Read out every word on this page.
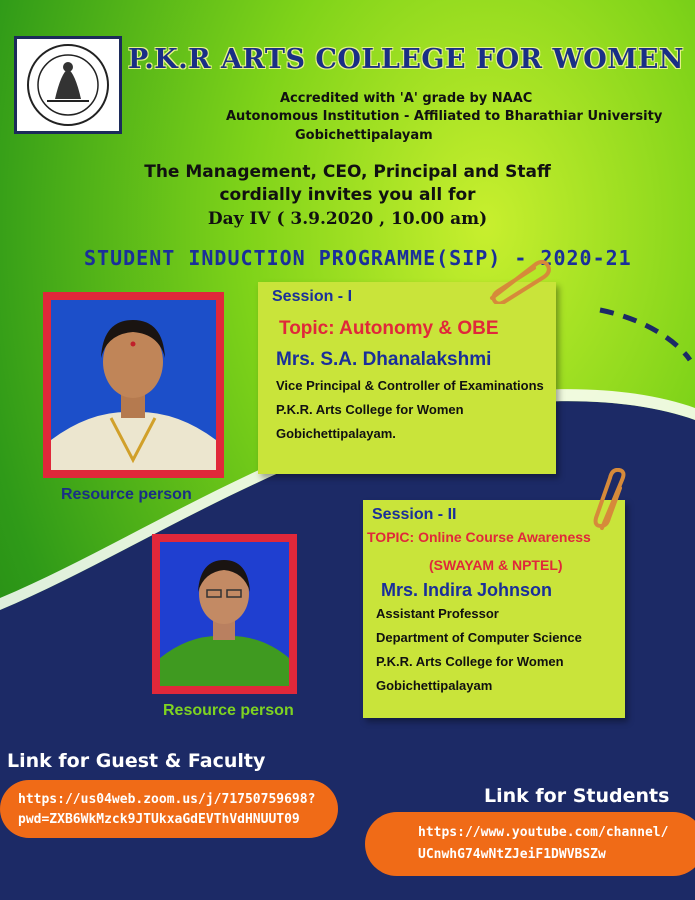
P.K.R ARTS COLLEGE FOR WOMEN
Accredited with 'A' grade by NAAC
Autonomous Institution - Affiliated to Bharathiar University
Gobichettipalayam
The Management, CEO, Principal and Staff
cordially invites you all for
Day IV ( 3.9.2020 , 10.00 am)
STUDENT INDUCTION PROGRAMME(SIP) - 2020-21
Resource person
Session - I
Topic: Autonomy & OBE
Mrs. S.A. Dhanalakshmi
Vice Principal & Controller of Examinations
P.K.R. Arts College for Women
Gobichettipalayam.
Session - II
TOPIC: Online Course Awareness
(SWAYAM & NPTEL)
Mrs. Indira Johnson
Assistant Professor
Department of Computer Science
P.K.R. Arts College for Women
Gobichettipalayam
Resource person
Link for Guest & Faculty
https://us04web.zoom.us/j/71750759698?
pwd=ZXB6WkMzck9JTUkxaGdEVThVdHNUUT09
Link for Students
https://www.youtube.com/channel/
UCnwhG74wNtZJeiF1DWVBSZw
